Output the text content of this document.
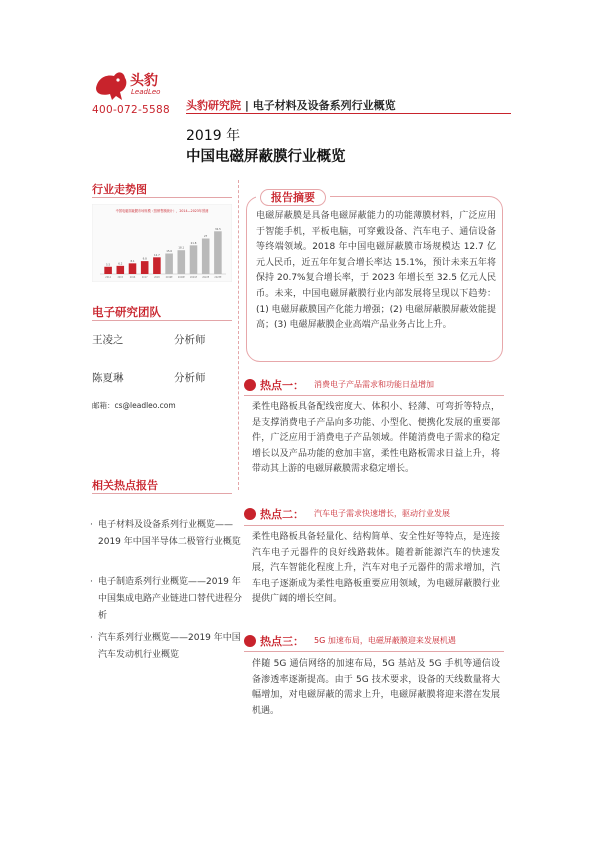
头豹
LeadLeo
400-072-5588 头豹研究院 | 电子材料及设备系列行业概览
2019 年
中国电磁屏蔽膜行业概览
行业走势图
中国电磁屏蔽膜市场规模（按销售额统计），2014—2023年预测
5.5
2014
6.2
2015
8.1
2016
9.8
2017
12.7
2018
15.6
2019E
18.1
2020E
21.8
2021E
27
2022E
32.5
2023E
电子研究团队
王凌之	分析师
陈夏琳	分析师
邮箱：cs@leadleo.com
相关热点报告
· 电子材料及设备系列行业概览——2019 年中国半导体二极管行业概览
· 电子制造系列行业概览——2019 年中国集成电路产业链进口替代进程分析
· 汽车系列行业概览——2019 年中国汽车发动机行业概览
报告摘要
电磁屏蔽膜是具备电磁屏蔽能力的功能薄膜材料，广泛应用于智能手机，平板电脑，可穿戴设备、汽车电子、通信设备等终端领域。2018 年中国电磁屏蔽膜市场规模达 12.7 亿元人民币，近五年年复合增长率达 15.1%，预计未来五年将保持 20.7%复合增长率，于 2023 年增长至 32.5 亿元人民币。未来，中国电磁屏蔽膜行业内部发展将呈现以下趋势：(1) 电磁屏蔽膜国产化能力增强；(2) 电磁屏蔽膜屏蔽效能提高；(3) 电磁屏蔽膜企业高端产品业务占比上升。
热点一： 消费电子产品需求和功能日益增加
柔性电路板具备配线密度大、体积小、轻薄、可弯折等特点，是支撑消费电子产品向多功能、小型化、便携化发展的重要部件，广泛应用于消费电子产品领域。伴随消费电子需求的稳定增长以及产品功能的愈加丰富，柔性电路板需求日益上升，将带动其上游的电磁屏蔽膜需求稳定增长。
热点二： 汽车电子需求快速增长，驱动行业发展
柔性电路板具备轻量化、结构简单、安全性好等特点，是连接汽车电子元器件的良好线路载体。随着新能源汽车的快速发展，汽车智能化程度上升，汽车对电子元器件的需求增加，汽车电子逐渐成为柔性电路板重要应用领域，为电磁屏蔽膜行业提供广阔的增长空间。
热点三： 5G 加速布局，电磁屏蔽膜迎来发展机遇
伴随 5G 通信网络的加速布局，5G 基站及 5G 手机等通信设备渗透率逐渐提高。由于 5G 技术要求，设备的天线数量将大幅增加，对电磁屏蔽的需求上升，电磁屏蔽膜将迎来潜在发展机遇。
